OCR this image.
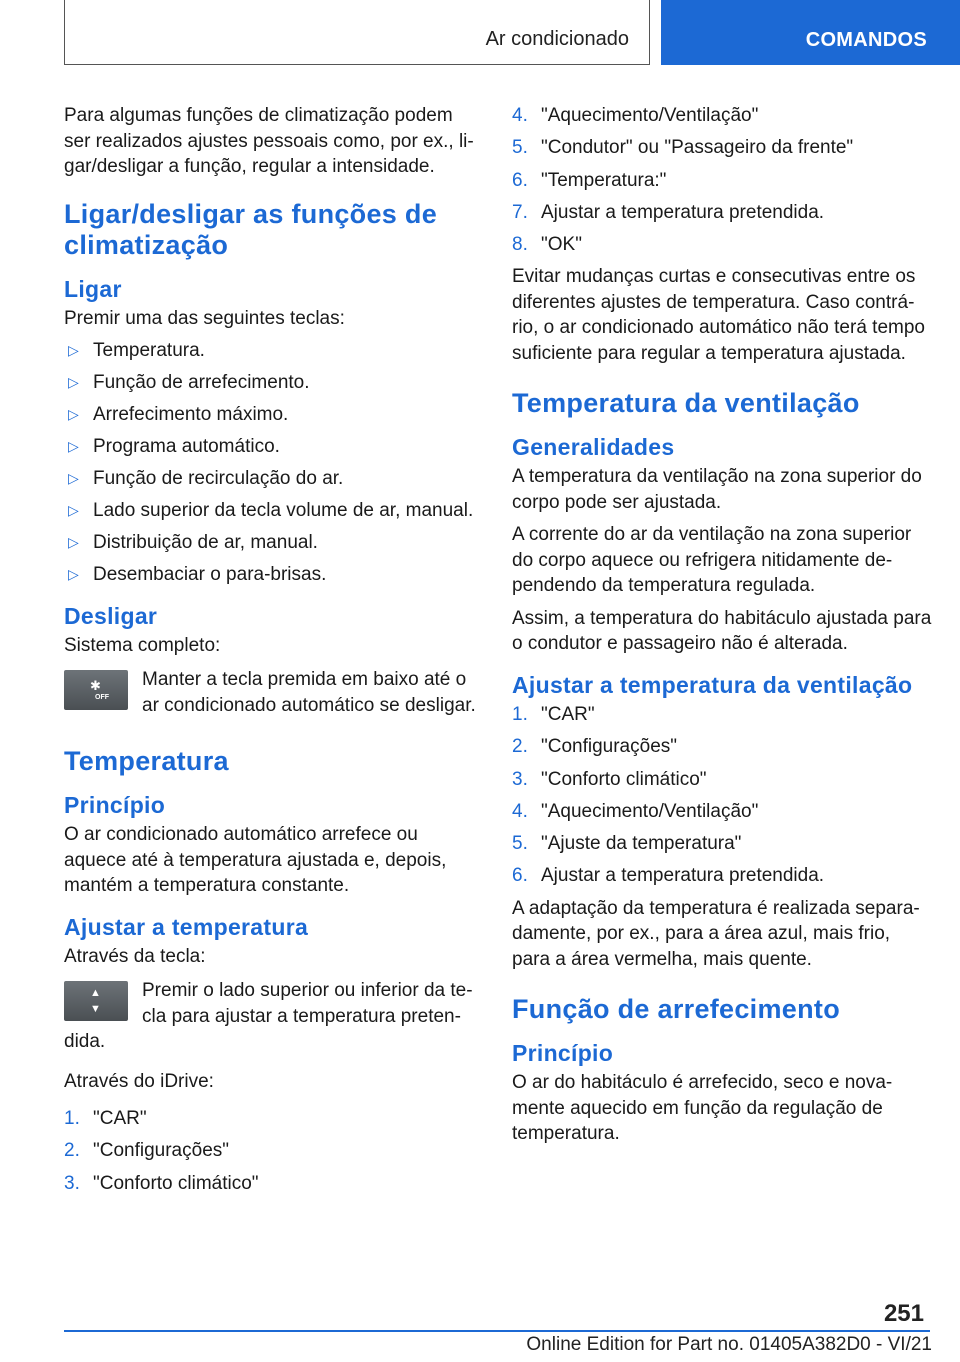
Ar condicionado	COMANDOS

Para algumas funções de climatização podem ser realizados ajustes pessoais como, por ex., ligar/desligar a função, regular a intensidade.

Ligar/desligar as funções de climatização
Ligar

Premir uma das seguintes teclas:

▷ Temperatura.
▷ Função de arrefecimento.
▷ Arrefecimento máximo.
▷ Programa automático.
▷ Função de recirculação do ar.
▷ Lado superior da tecla volume de ar, manual.
▷ Distribuição de ar, manual.
▷ Desembaciar o para-brisas.
Desligar

Sistema completo:

✱
OFF

Manter a tecla premida em baixo até o ar condicionado automático se desligar.

Temperatura
Princípio

O ar condicionado automático arrefece ou aquece até à temperatura ajustada e, depois, mantém a temperatura constante.

Ajustar a temperatura

Através da tecla:

▲
▼

Premir o lado superior ou inferior da tecla para ajustar a temperatura pretendida.

Através do iDrive:

1. "CAR"
2. "Configurações"
3. "Conforto climático"
4. "Aquecimento/Ventilação"
5. "Condutor" ou "Passageiro da frente"
6. "Temperatura:"
7. Ajustar a temperatura pretendida.
8. "OK"

Evitar mudanças curtas e consecutivas entre os diferentes ajustes de temperatura. Caso contrário, o ar condicionado automático não terá tempo suficiente para regular a temperatura ajustada.

Temperatura da ventilação
Generalidades

A temperatura da ventilação na zona superior do corpo pode ser ajustada.

A corrente do ar da ventilação na zona superior do corpo aquece ou refrigera nitidamente dependendo da temperatura regulada.

Assim, a temperatura do habitáculo ajustada para o condutor e passageiro não é alterada.

Ajustar a temperatura da ventilação
1. "CAR"
2. "Configurações"
3. "Conforto climático"
4. "Aquecimento/Ventilação"
5. "Ajuste da temperatura"
6. Ajustar a temperatura pretendida.

A adaptação da temperatura é realizada separadamente, por ex., para a área azul, mais frio, para a área vermelha, mais quente.

Função de arrefecimento
Princípio

O ar do habitáculo é arrefecido, seco e novamente aquecido em função da regulação de temperatura.

251
Online Edition for Part no. 01405A382D0 - VI/21
